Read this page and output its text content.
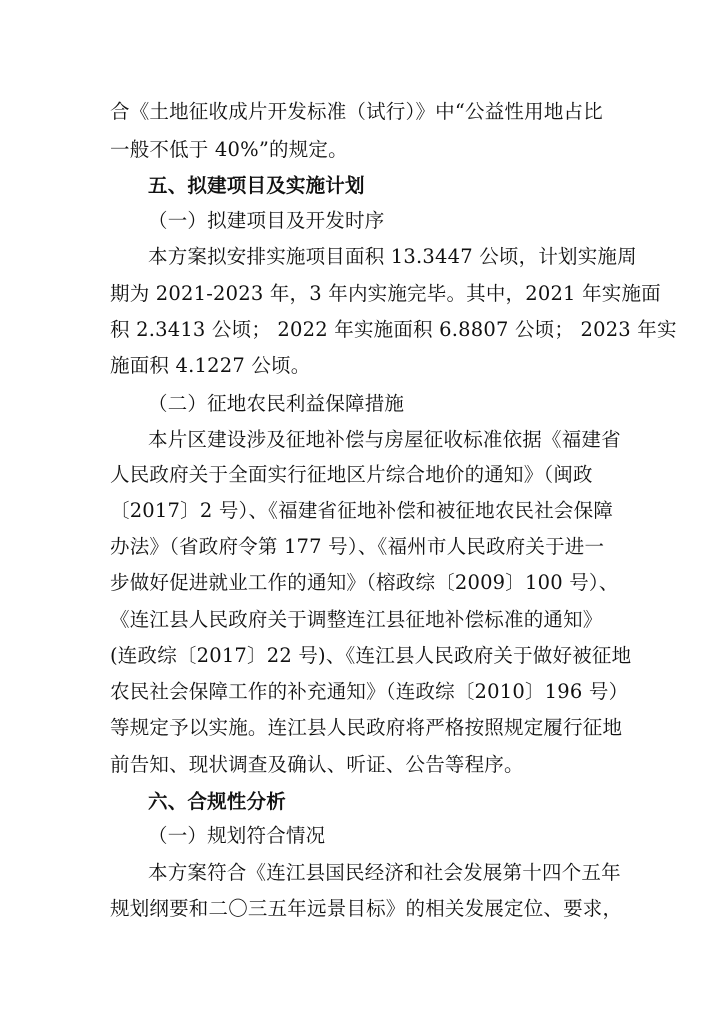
合《土地征收成片开发标准（试行）》中“公益性用地占比
一般不低于 40%”的规定。
五、拟建项目及实施计划
（一）拟建项目及开发时序
本方案拟安排实施项目面积 13.3447 公顷，计划实施周
期为 2021-2023 年，3 年内实施完毕。其中，2021 年实施面
积 2.3413 公顷； 2022 年实施面积 6.8807 公顷； 2023 年实
施面积 4.1227 公顷。
（二）征地农民利益保障措施
本片区建设涉及征地补偿与房屋征收标准依据《福建省
人民政府关于全面实行征地区片综合地价的通知》（闽政
〔2017〕2 号）、《福建省征地补偿和被征地农民社会保障
办法》（省政府令第 177 号）、《福州市人民政府关于进一
步做好促进就业工作的通知》（榕政综〔2009〕100 号）、
《连江县人民政府关于调整连江县征地补偿标准的通知》
(连政综〔2017〕22 号)、《连江县人民政府关于做好被征地
农民社会保障工作的补充通知》（连政综〔2010〕196 号）
等规定予以实施。连江县人民政府将严格按照规定履行征地
前告知、现状调查及确认、听证、公告等程序。
六、合规性分析
（一）规划符合情况
本方案符合《连江县国民经济和社会发展第十四个五年
规划纲要和二〇三五年远景目标》的相关发展定位、要求，
